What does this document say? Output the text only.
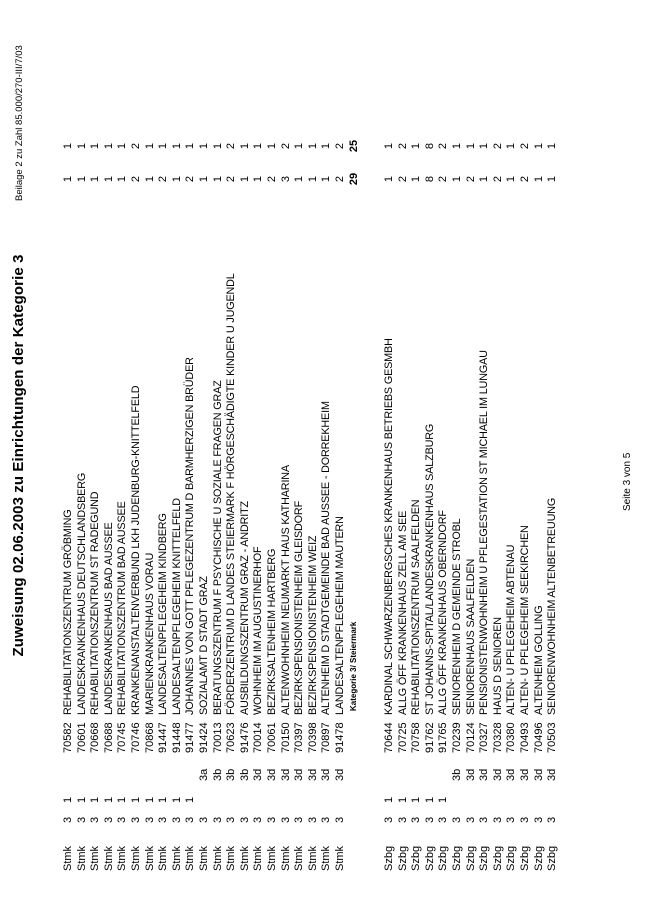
Zuweisung 02.06.2003 zu Einrichtungen der Kategorie 3
Beilage 2 zu Zahl 85.000/270-III/7/03
Stmk
3
1
70582
REHABILITATIONSZENTRUM GRÖBMING
1
1
Stmk
3
1
70601
LANDESKRANKENHAUS DEUTSCHLANDSBERG
1
1
Stmk
3
1
70668
REHABILITATIONSZENTRUM ST RADEGUND
1
1
Stmk
3
1
70688
LANDESKRANKENHAUS BAD AUSSEE
1
1
Stmk
3
1
70745
REHABILITATIONSZENTRUM BAD AUSSEE
1
1
Stmk
3
1
70746
KRANKENANSTALTENVERBUND LKH JUDENBURG-KNITTELFELD
2
2
Stmk
3
1
70868
MARIENKRANKENHAUS VORAU
1
1
Stmk
3
1
91447
LANDESALTENPFLEGEHEIM KINDBERG
2
1
Stmk
3
1
91448
LANDESALTENPFLEGEHEIM KNITTELFELD
1
1
Stmk
3
1
91477
JOHANNES VON GOTT PFLEGEZENTRUM D BARMHERZIGEN BRÜDER
2
1
Stmk
3
3a
91424
SOZIALAMT D STADT GRAZ
1
1
Stmk
3
3b
70013
BERATUNGSZENTRUM F PSYCHISCHE U SOZIALE FRAGEN GRAZ
1
1
Stmk
3
3b
70623
FÖRDERZENTRUM D LANDES STEIERMARK F HÖRGESCHÄDIGTE KINDER U JUGENDL
2
2
Stmk
3
3b
91476
AUSBILDUNGSZENTRUM GRAZ - ANDRITZ
1
1
Stmk
3
3d
70014
WOHNHEIM IM AUGUSTINERHOF
1
1
Stmk
3
3d
70061
BEZIRKSALTENHEIM HARTBERG
2
1
Stmk
3
3d
70150
ALTENWOHNHEIM NEUMARKT HAUS KATHARINA
3
2
Stmk
3
3d
70397
BEZIRKSPENSIONISTENHEIM GLEISDORF
1
1
Stmk
3
3d
70398
BEZIRKSPENSIONISTENHEIM WEIZ
1
1
Stmk
3
3d
70897
ALTENHEIM D STADTGEMEINDE BAD AUSSEE - DORREKHEIM
1
1
Stmk
3
3d
91478
LANDESALTENPFLEGEHEIM MAUTERN
2
2
Kategorie 3/ Steiermark
29
25
Szbg
3
1
70644
KARDINAL SCHWARZENBERGSCHES KRANKENHAUS BETRIEBS GESMBH
1
1
Szbg
3
1
70725
ALLG ÖFF KRANKENHAUS ZELL AM SEE
2
2
Szbg
3
1
70758
REHABILITATIONSZENTRUM SAALFELDEN
1
1
Szbg
3
1
91762
ST JOHANNS-SPITAL/LANDESKRANKENHAUS SALZBURG
8
8
Szbg
3
1
91765
ALLG ÖFF KRANKENHAUS OBERNDORF
2
2
Szbg
3
3b
70239
SENIORENHEIM D GEMEINDE STROBL
1
1
Szbg
3
3d
70124
SENIORENHAUS SAALFELDEN
2
1
Szbg
3
3d
70327
PENSIONISTENWOHNHEIM U PFLEGESTATION ST MICHAEL IM LUNGAU
1
1
Szbg
3
3d
70328
HAUS D SENIOREN
2
2
Szbg
3
3d
70380
ALTEN- U PFLEGEHEIM ABTENAU
1
1
Szbg
3
3d
70493
ALTEN- U PFLEGEHEIM SEEKIRCHEN
2
2
Szbg
3
3d
70496
ALTENHEIM GOLLING
1
1
Szbg
3
3d
70503
SENIORENWOHNHEIM ALTENBETREUUNG
1
1
Seite 3 von 5
